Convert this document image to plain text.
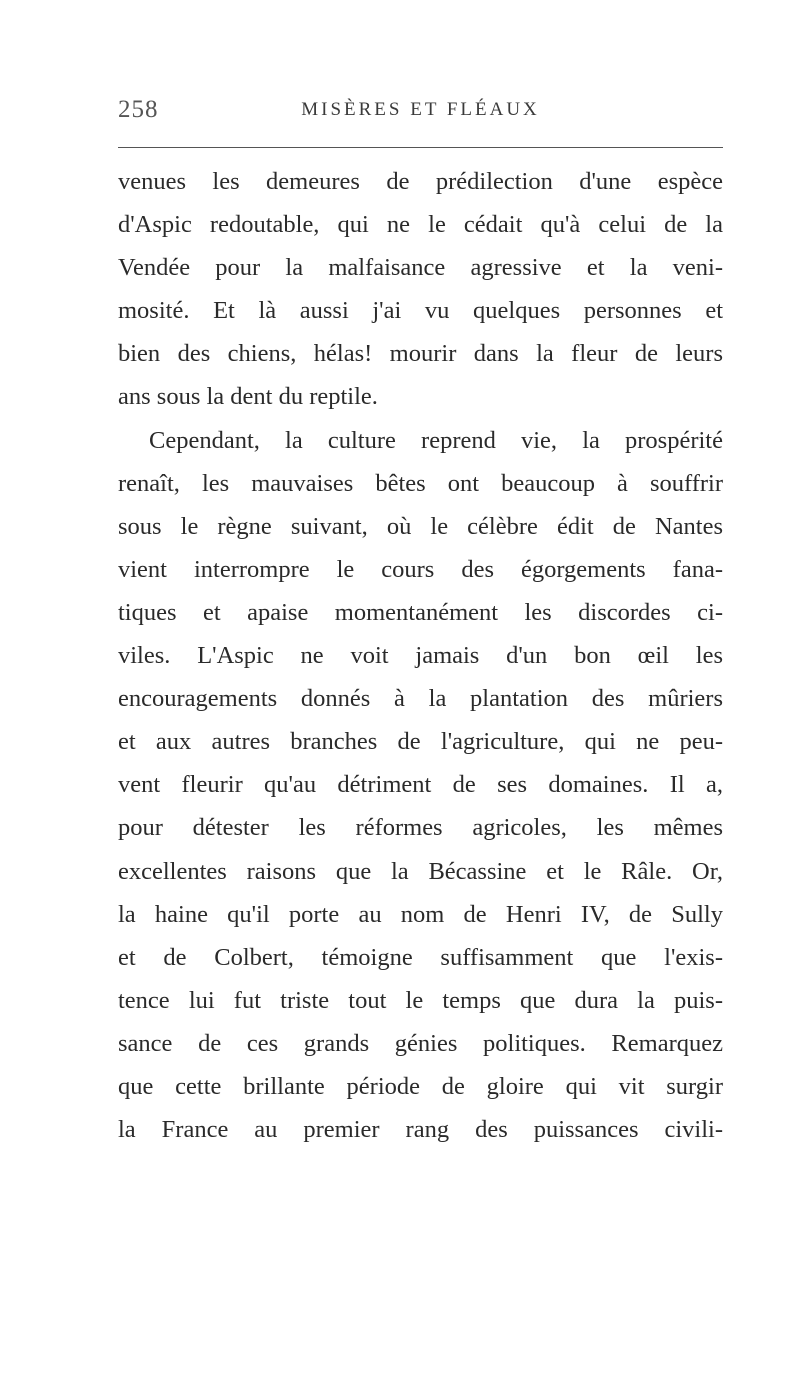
258	MISÈRES ET FLÉAUX
venues les demeures de prédilection d'une espèce
d'Aspic redoutable, qui ne le cédait qu'à celui de la
Vendée pour la malfaisance agressive et la veni-
mosité. Et là aussi j'ai vu quelques personnes et
bien des chiens, hélas! mourir dans la fleur de leurs
ans sous la dent du reptile.
Cependant, la culture reprend vie, la prospérité
renaît, les mauvaises bêtes ont beaucoup à souffrir
sous le règne suivant, où le célèbre édit de Nantes
vient interrompre le cours des égorgements fana-
tiques et apaise momentanément les discordes ci-
viles. L'Aspic ne voit jamais d'un bon œil les
encouragements donnés à la plantation des mûriers
et aux autres branches de l'agriculture, qui ne peu-
vent fleurir qu'au détriment de ses domaines. Il a,
pour détester les réformes agricoles, les mêmes
excellentes raisons que la Bécassine et le Râle. Or,
la haine qu'il porte au nom de Henri IV, de Sully
et de Colbert, témoigne suffisamment que l'exis-
tence lui fut triste tout le temps que dura la puis-
sance de ces grands génies politiques. Remarquez
que cette brillante période de gloire qui vit surgir
la France au premier rang des puissances civili-
